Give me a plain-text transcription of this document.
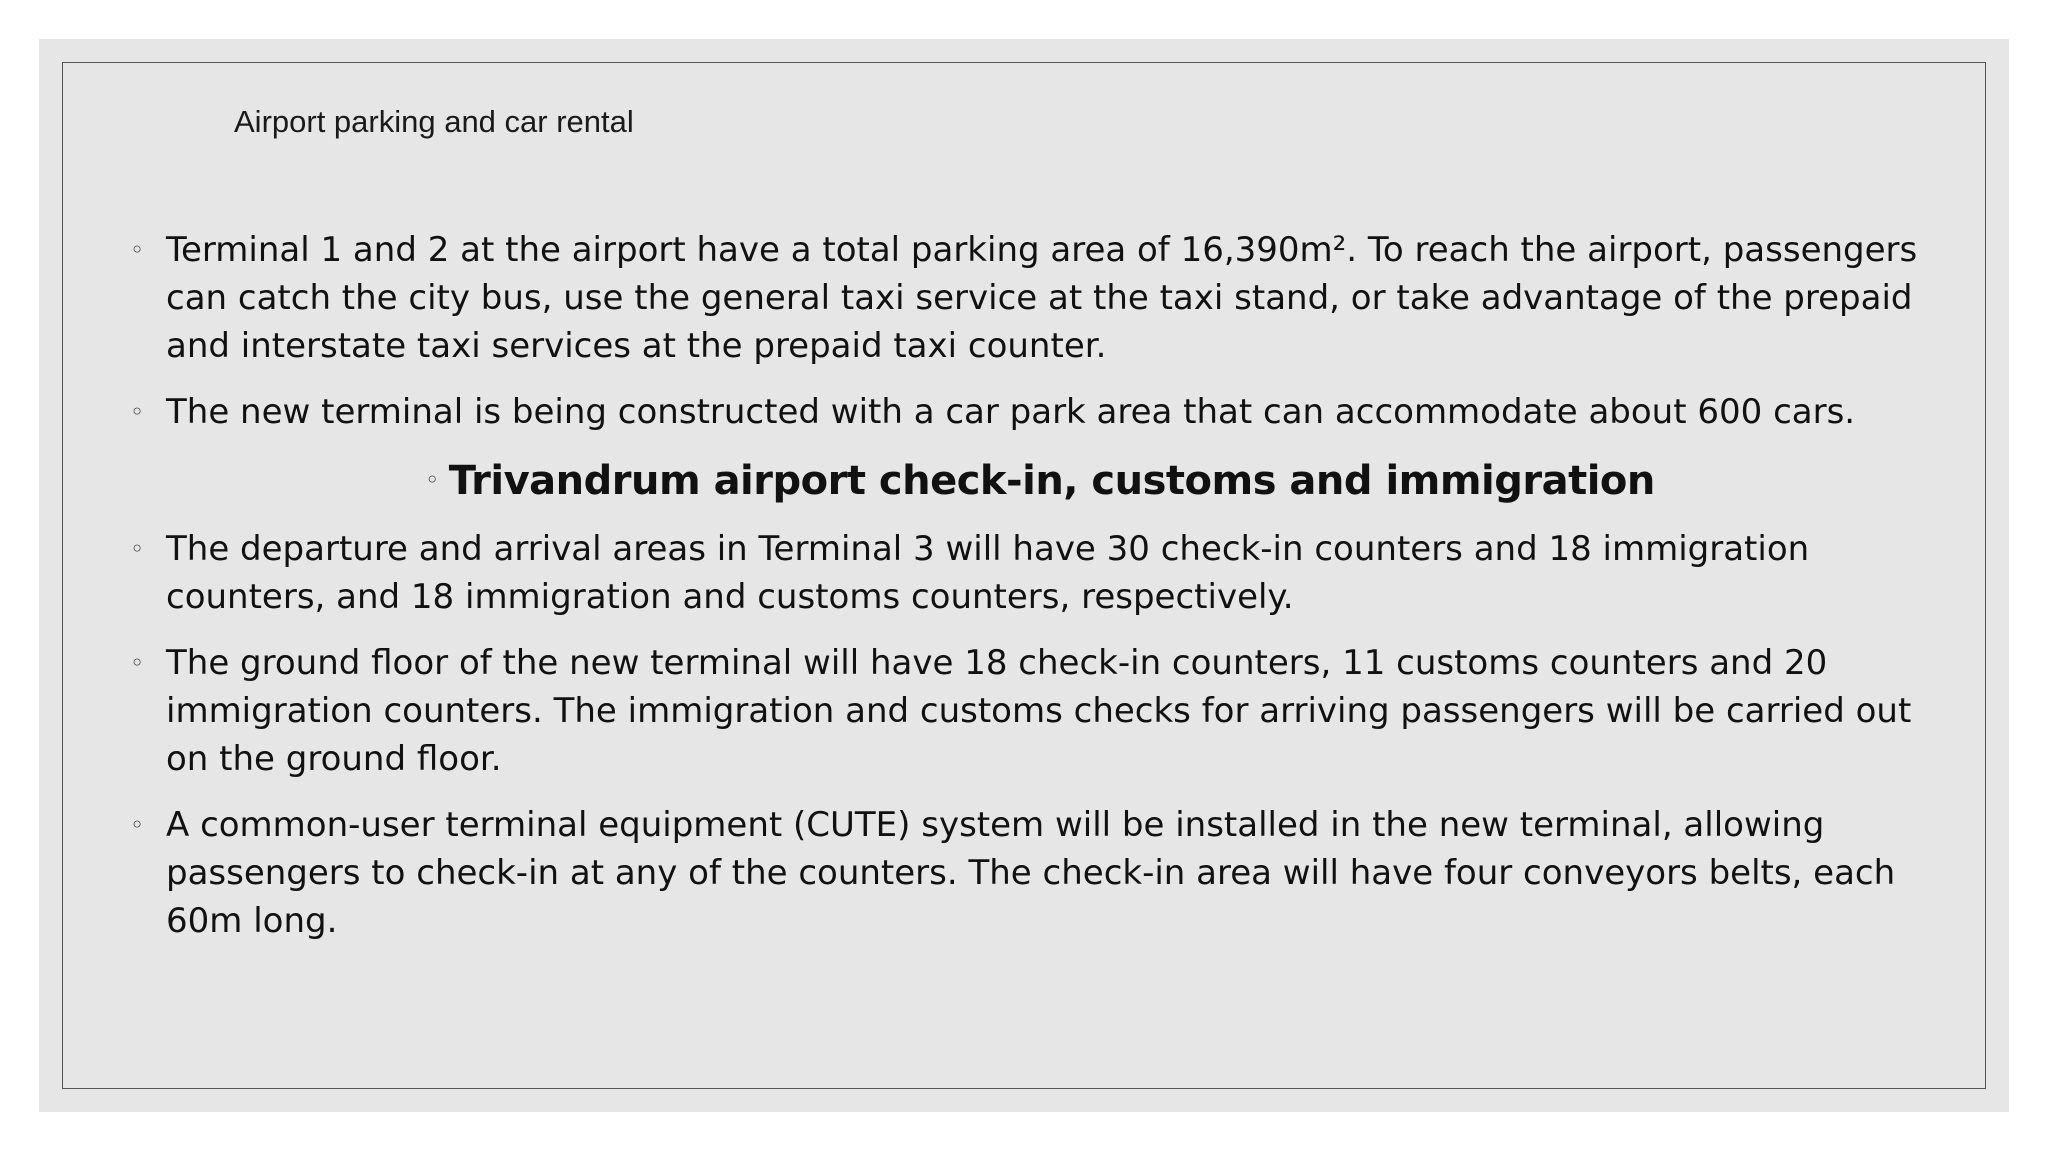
Airport parking and car rental
◦ Terminal 1 and 2 at the airport have a total parking area of 16,390m². To reach the airport, passengers can catch the city bus, use the general taxi service at the taxi stand, or take advantage of the prepaid and interstate taxi services at the prepaid taxi counter.
◦ The new terminal is being constructed with a car park area that can accommodate about 600 cars.
◦ Trivandrum airport check-in, customs and immigration
◦ The departure and arrival areas in Terminal 3 will have 30 check-in counters and 18 immigration counters, and 18 immigration and customs counters, respectively.
◦ The ground floor of the new terminal will have 18 check-in counters, 11 customs counters and 20 immigration counters. The immigration and customs checks for arriving passengers will be carried out on the ground floor.
◦ A common-user terminal equipment (CUTE) system will be installed in the new terminal, allowing passengers to check-in at any of the counters. The check-in area will have four conveyors belts, each 60m long.
